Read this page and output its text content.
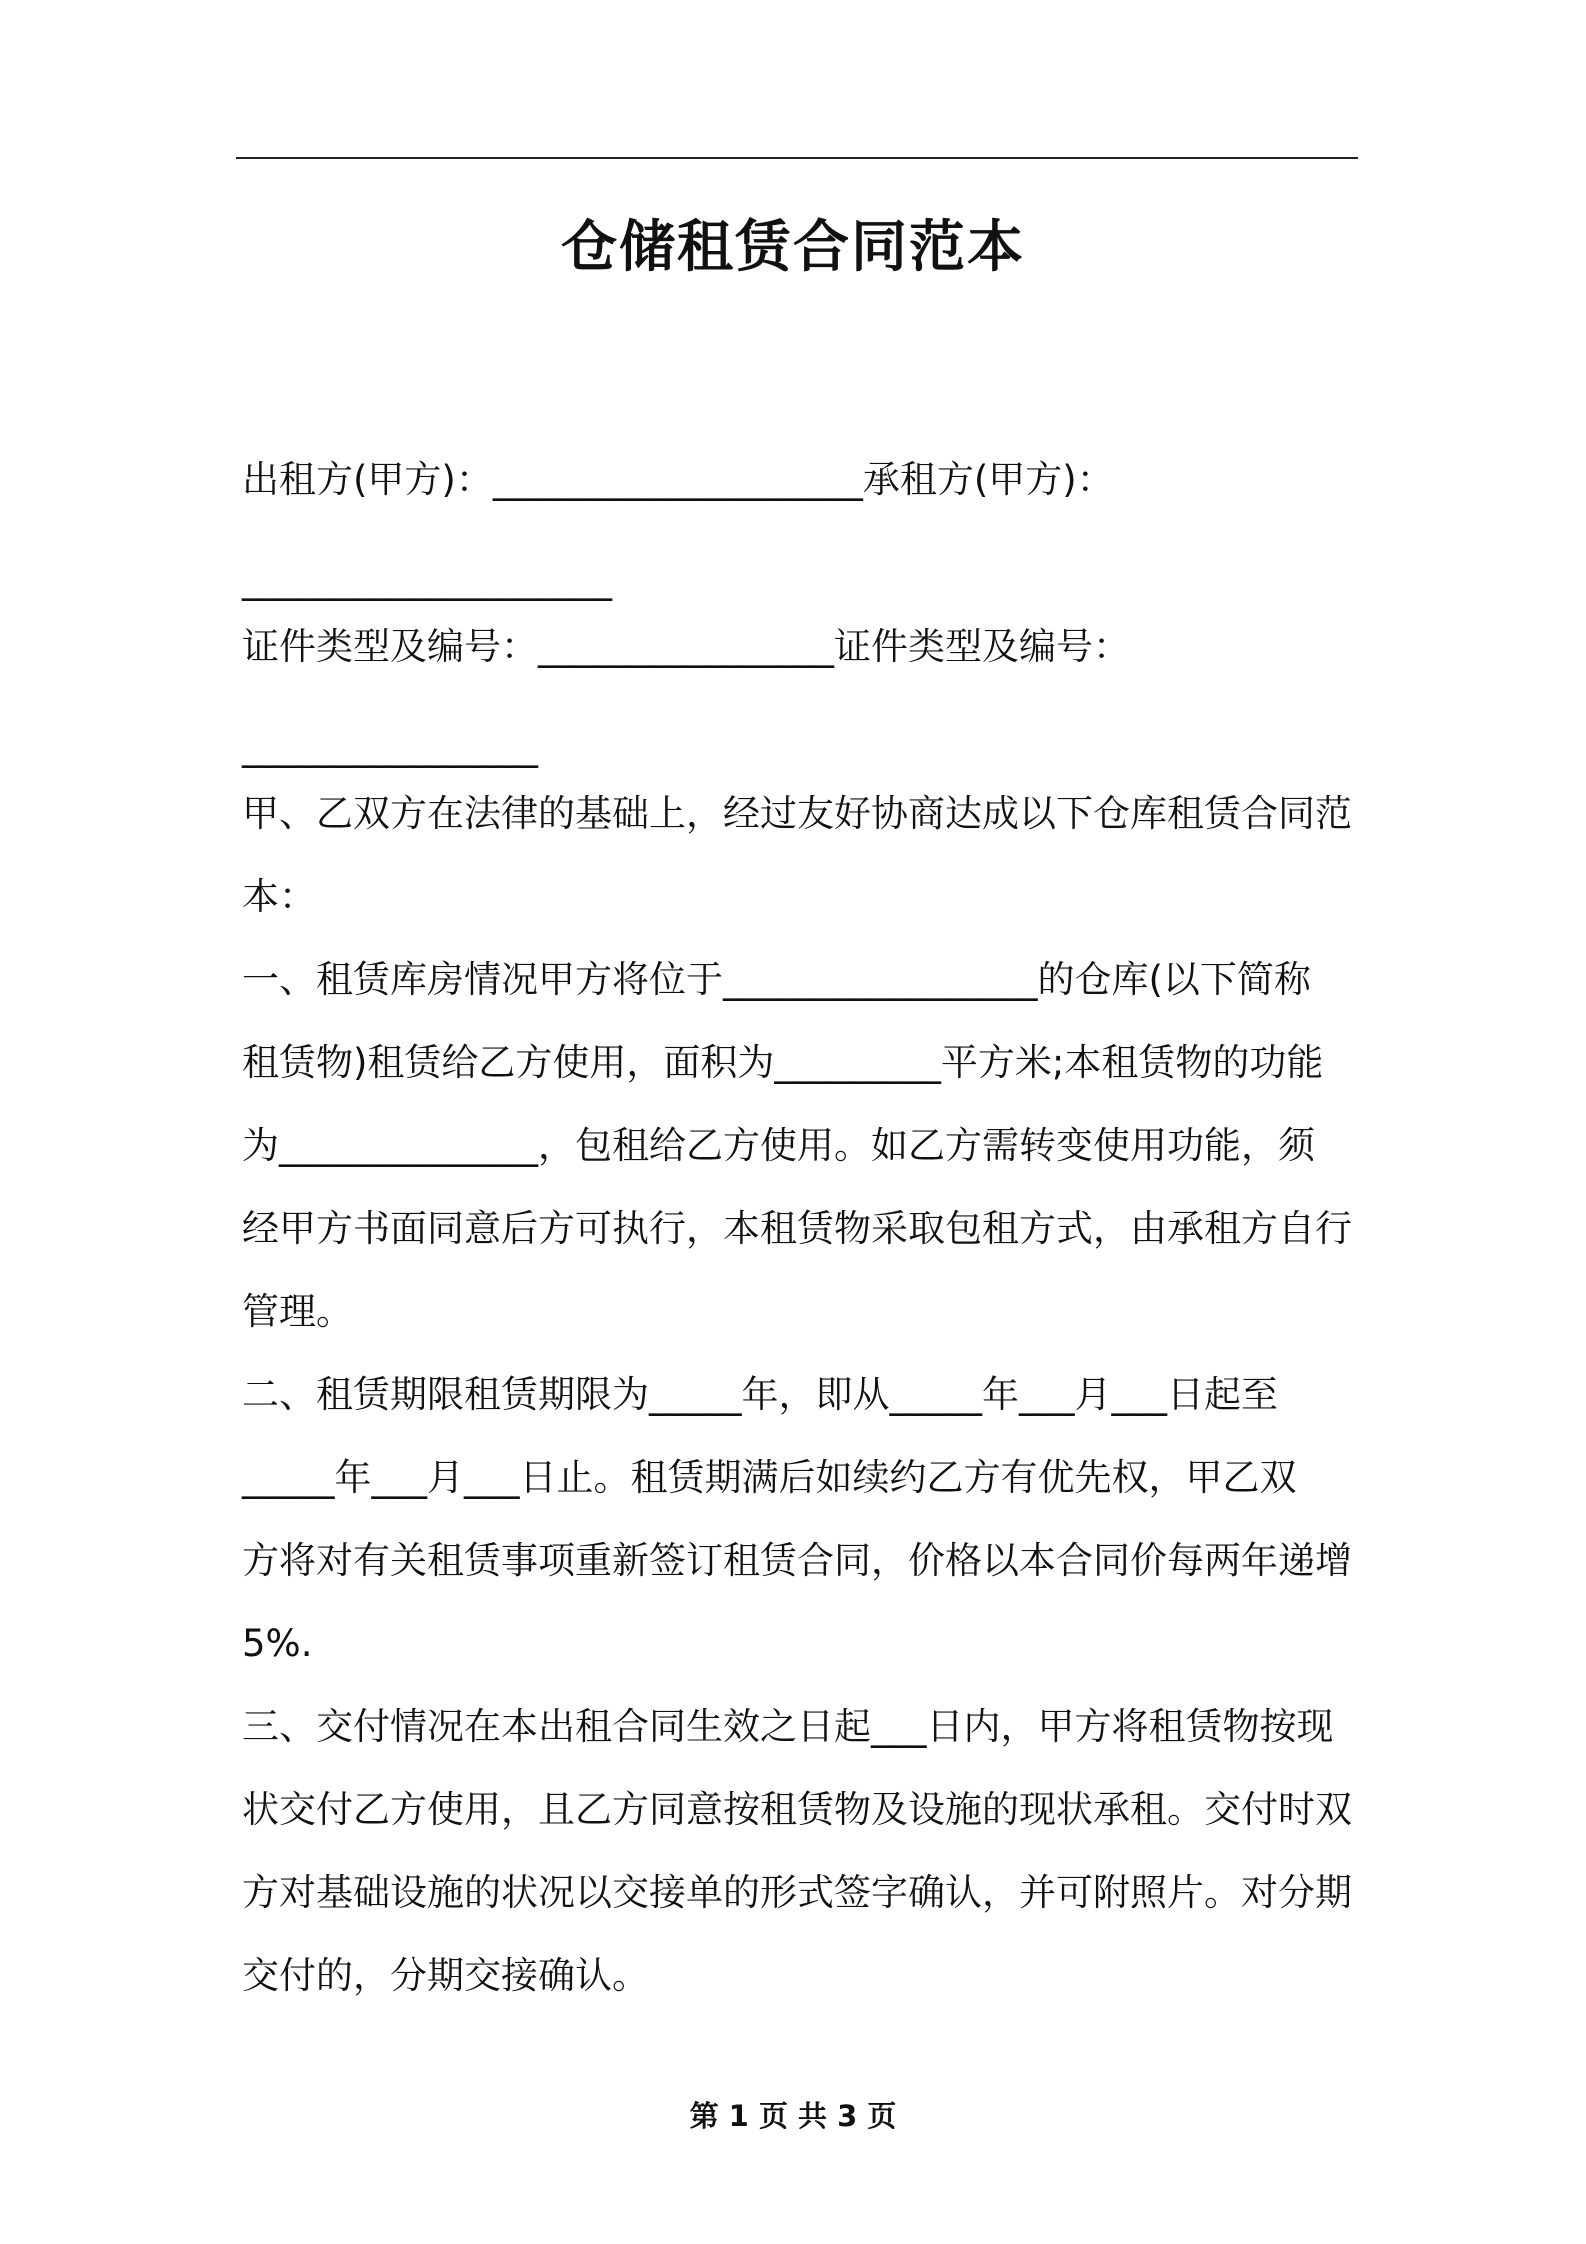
仓储租赁合同范本

出租方(甲方)：____________________承租方(甲方)：

____________________

证件类型及编号：________________证件类型及编号：

________________

甲、乙双方在法律的基础上，经过友好协商达成以下仓库租赁合同范

本：

一、租赁库房情况甲方将位于_________________的仓库(以下简称

租赁物)租赁给乙方使用，面积为_________平方米;本租赁物的功能

为______________，包租给乙方使用。如乙方需转变使用功能，须

经甲方书面同意后方可执行，本租赁物采取包租方式，由承租方自行

管理。

二、租赁期限租赁期限为_____年，即从_____年___月___日起至

_____年___月___日止。租赁期满后如续约乙方有优先权，甲乙双

方将对有关租赁事项重新签订租赁合同，价格以本合同价每两年递增

5%.

三、交付情况在本出租合同生效之日起___日内，甲方将租赁物按现

状交付乙方使用，且乙方同意按租赁物及设施的现状承租。交付时双

方对基础设施的状况以交接单的形式签字确认，并可附照片。对分期

交付的，分期交接确认。

第 1 页 共 3 页
